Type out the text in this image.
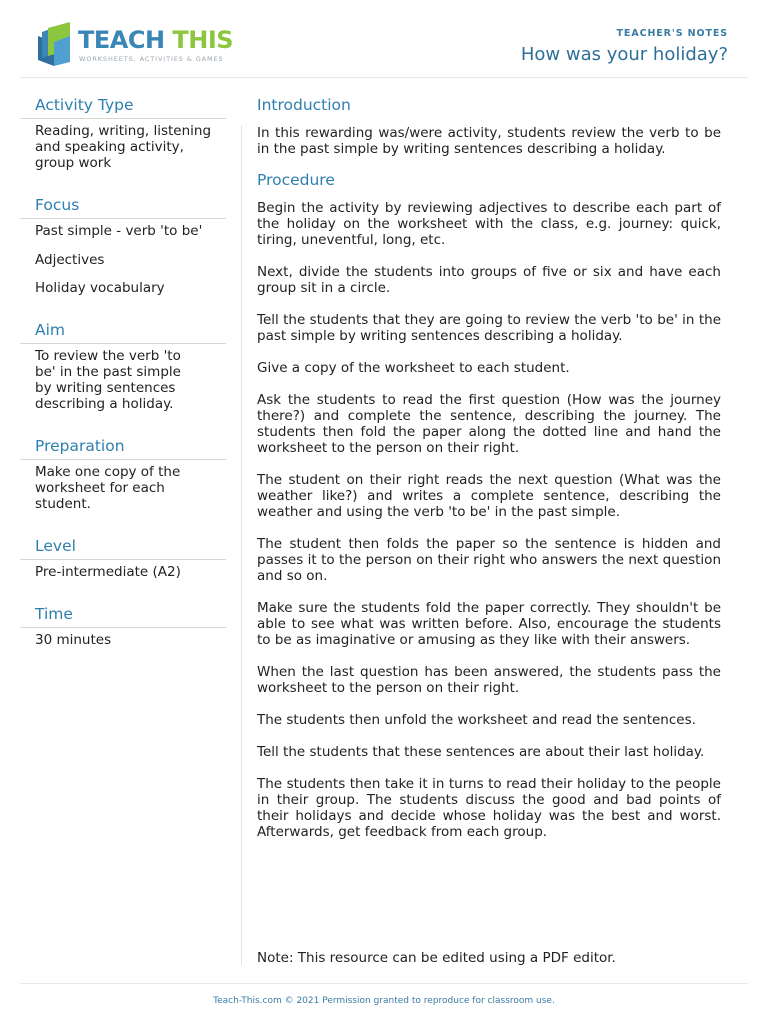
TEACH THIS
WORKSHEETS, ACTIVITIES & GAMES
TEACHER'S NOTES
How was your holiday?
Activity Type
Reading, writing, listening and speaking activity, group work
Focus
Past simple - verb 'to be'
Adjectives
Holiday vocabulary
Aim
To review the verb 'to be' in the past simple by writing sentences describing a holiday.
Preparation
Make one copy of the worksheet for each student.
Level
Pre-intermediate (A2)
Time
30 minutes
Introduction
In this rewarding was/were activity, students review the verb to be in the past simple by writing sentences describing a holiday.
Procedure
Begin the activity by reviewing adjectives to describe each part of the holiday on the worksheet with the class, e.g. journey: quick, tiring, uneventful, long, etc.
Next, divide the students into groups of five or six and have each group sit in a circle.
Tell the students that they are going to review the verb 'to be' in the past simple by writing sentences describing a holiday.
Give a copy of the worksheet to each student.
Ask the students to read the first question (How was the journey there?) and complete the sentence, describing the journey. The students then fold the paper along the dotted line and hand the worksheet to the person on their right.
The student on their right reads the next question (What was the weather like?) and writes a complete sentence, describing the weather and using the verb 'to be' in the past simple.
The student then folds the paper so the sentence is hidden and passes it to the person on their right who answers the next question and so on.
Make sure the students fold the paper correctly. They shouldn't be able to see what was written before. Also, encourage the students to be as imaginative or amusing as they like with their answers.
When the last question has been answered, the students pass the worksheet to the person on their right.
The students then unfold the worksheet and read the sentences.
Tell the students that these sentences are about their last holiday.
The students then take it in turns to read their holiday to the people in their group. The students discuss the good and bad points of their holidays and decide whose holiday was the best and worst. Afterwards, get feedback from each group.
Note: This resource can be edited using a PDF editor.
Teach-This.com © 2021 Permission granted to reproduce for classroom use.
